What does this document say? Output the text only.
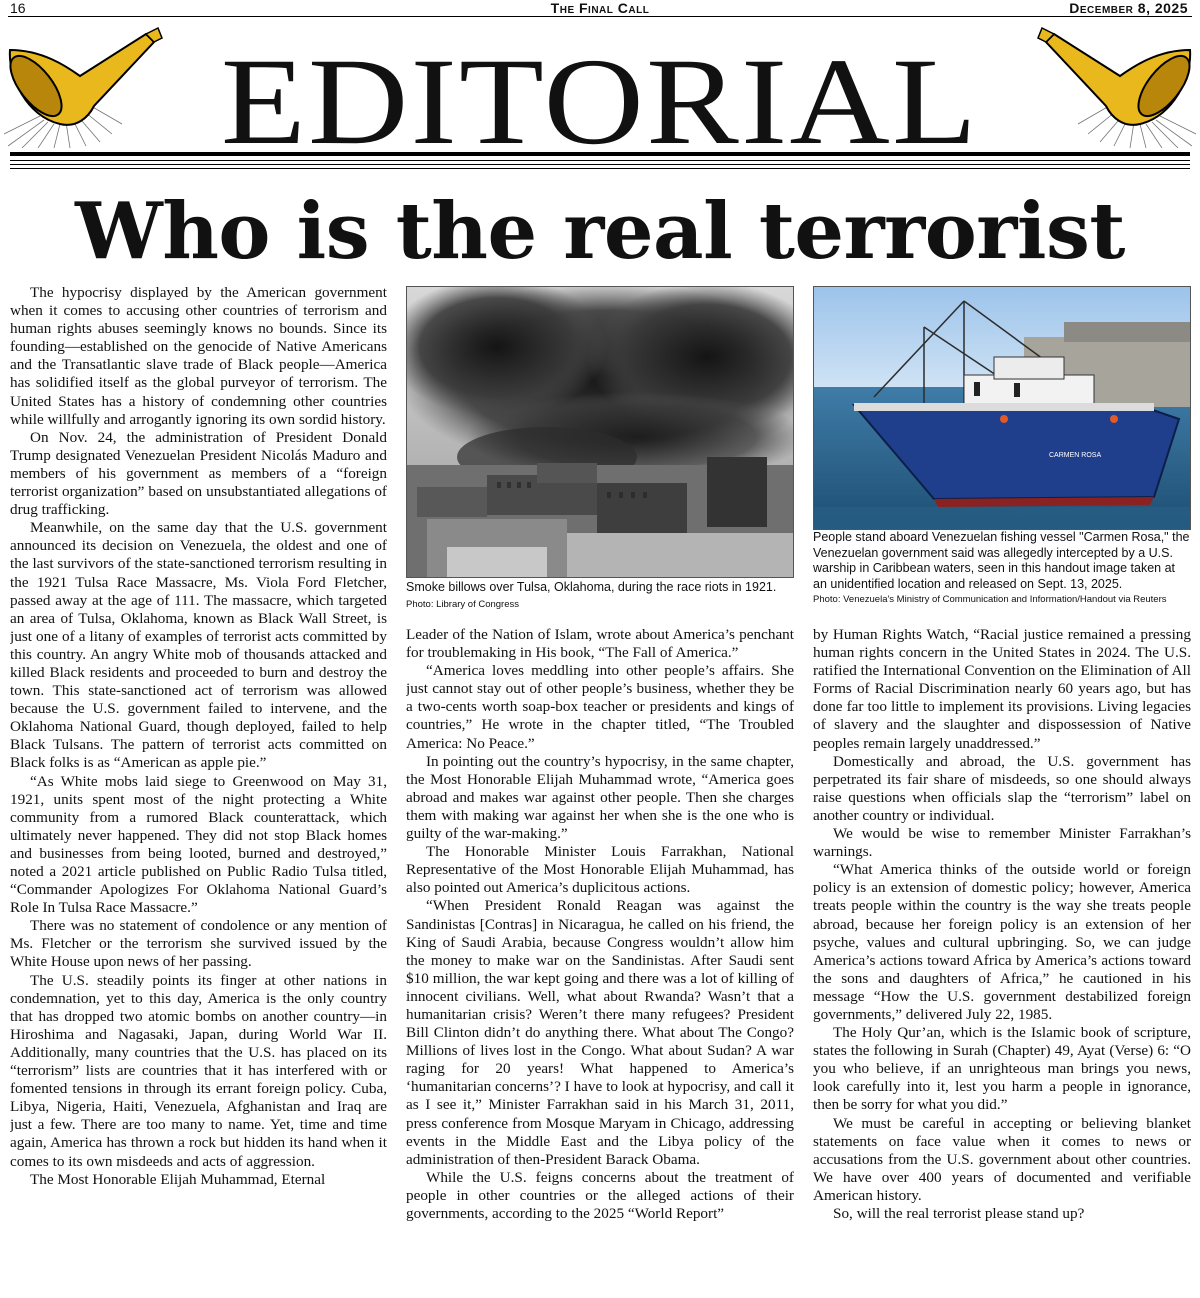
16	The Final Call	December 8, 2025
EDITORIAL
Who is the real terrorist

The hypocrisy displayed by the American government when it comes to accusing other countries of terrorism and human rights abuses seemingly knows no bounds. Since its founding—established on the genocide of Native Americans and the Transatlantic slave trade of Black people—America has solidified itself as the global purveyor of terrorism. The United States has a history of condemning other countries while willfully and arrogantly ignoring its own sordid history.

On Nov. 24, the administration of President Donald Trump designated Venezuelan President Nicolás Maduro and members of his government as members of a “foreign terrorist organization” based on unsubstantiated allegations of drug trafficking.

Meanwhile, on the same day that the U.S. government announced its decision on Venezuela, the oldest and one of the last survivors of the state-sanctioned terrorism resulting in the 1921 Tulsa Race Massacre, Ms. Viola Ford Fletcher, passed away at the age of 111. The massacre, which targeted an area of Tulsa, Oklahoma, known as Black Wall Street, is just one of a litany of examples of terrorist acts committed by this country. An angry White mob of thousands attacked and killed Black residents and proceeded to burn and destroy the town. This state-sanctioned act of terrorism was allowed because the U.S. government failed to intervene, and the Oklahoma National Guard, though deployed, failed to help Black Tulsans. The pattern of terrorist acts committed on Black folks is as “American as apple pie.”

“As White mobs laid siege to Greenwood on May 31, 1921, units spent most of the night protecting a White community from a rumored Black counterattack, which ultimately never happened. They did not stop Black homes and businesses from being looted, burned and destroyed,” noted a 2021 article published on Public Radio Tulsa titled, “Commander Apologizes For Oklahoma National Guard’s Role In Tulsa Race Massacre.”

There was no statement of condolence or any mention of Ms. Fletcher or the terrorism she survived issued by the White House upon news of her passing.

The U.S. steadily points its finger at other nations in condemnation, yet to this day, America is the only country that has dropped two atomic bombs on another country—in Hiroshima and Nagasaki, Japan, during World War II. Additionally, many countries that the U.S. has placed on its “terrorism” lists are countries that it has interfered with or fomented tensions in through its errant foreign policy. Cuba, Libya, Nigeria, Haiti, Venezuela, Afghanistan and Iraq are just a few. There are too many to name. Yet, time and time again, America has thrown a rock but hidden its hand when it comes to its own misdeeds and acts of aggression.

The Most Honorable Elijah Muhammad, Eternal

Smoke billows over Tulsa, Oklahoma, during the race riots in 1921. Photo: Library of Congress
CARMEN ROSA
People stand aboard Venezuelan fishing vessel "Carmen Rosa," the Venezuelan government said was allegedly intercepted by a U.S. warship in Caribbean waters, seen in this handout image taken at an unidentified location and released on Sept. 13, 2025.
Photo: Venezuela's Ministry of Communication and Information/Handout via Reuters

Leader of the Nation of Islam, wrote about America’s penchant for troublemaking in His book, “The Fall of America.”

“America loves meddling into other people’s affairs. She just cannot stay out of other people’s business, whether they be a two-cents worth soap-box teacher or presidents and kings of countries,” He wrote in the chapter titled, “The Troubled America: No Peace.”

In pointing out the country’s hypocrisy, in the same chapter, the Most Honorable Elijah Muhammad wrote, “America goes abroad and makes war against other people. Then she charges them with making war against her when she is the one who is guilty of the war-making.”

The Honorable Minister Louis Farrakhan, National Representative of the Most Honorable Elijah Muhammad, has also pointed out America’s duplicitous actions.

“When President Ronald Reagan was against the Sandinistas [Contras] in Nicaragua, he called on his friend, the King of Saudi Arabia, because Congress wouldn’t allow him the money to make war on the Sandinistas. After Saudi sent $10 million, the war kept going and there was a lot of killing of innocent civilians. Well, what about Rwanda? Wasn’t that a humanitarian crisis? Weren’t there many refugees? President Bill Clinton didn’t do anything there. What about The Congo? Millions of lives lost in the Congo. What about Sudan? A war raging for 20 years! What happened to America’s ‘humanitarian concerns’? I have to look at hypocrisy, and call it as I see it,” Minister Farrakhan said in his March 31, 2011, press conference from Mosque Maryam in Chicago, addressing events in the Middle East and the Libya policy of the administration of then-President Barack Obama.

While the U.S. feigns concerns about the treatment of people in other countries or the alleged actions of their governments, according to the 2025 “World Report”

by Human Rights Watch, “Racial justice remained a pressing human rights concern in the United States in 2024. The U.S. ratified the International Convention on the Elimination of All Forms of Racial Discrimination nearly 60 years ago, but has done far too little to implement its provisions. Living legacies of slavery and the slaughter and dispossession of Native peoples remain largely unaddressed.”

Domestically and abroad, the U.S. government has perpetrated its fair share of misdeeds, so one should always raise questions when officials slap the “terrorism” label on another country or individual.

We would be wise to remember Minister Farrakhan’s warnings.

“What America thinks of the outside world or foreign policy is an extension of domestic policy; however, America treats people within the country is the way she treats people abroad, because her foreign policy is an extension of her psyche, values and cultural upbringing. So, we can judge America’s actions toward Africa by America’s actions toward the sons and daughters of Africa,” he cautioned in his message “How the U.S. government destabilized foreign governments,” delivered July 22, 1985.

The Holy Qur’an, which is the Islamic book of scripture, states the following in Surah (Chapter) 49, Ayat (Verse) 6: “O you who believe, if an unrighteous man brings you news, look carefully into it, lest you harm a people in ignorance, then be sorry for what you did.”

We must be careful in accepting or believing blanket statements on face value when it comes to news or accusations from the U.S. government about other countries. We have over 400 years of documented and verifiable American history.

So, will the real terrorist please stand up?
